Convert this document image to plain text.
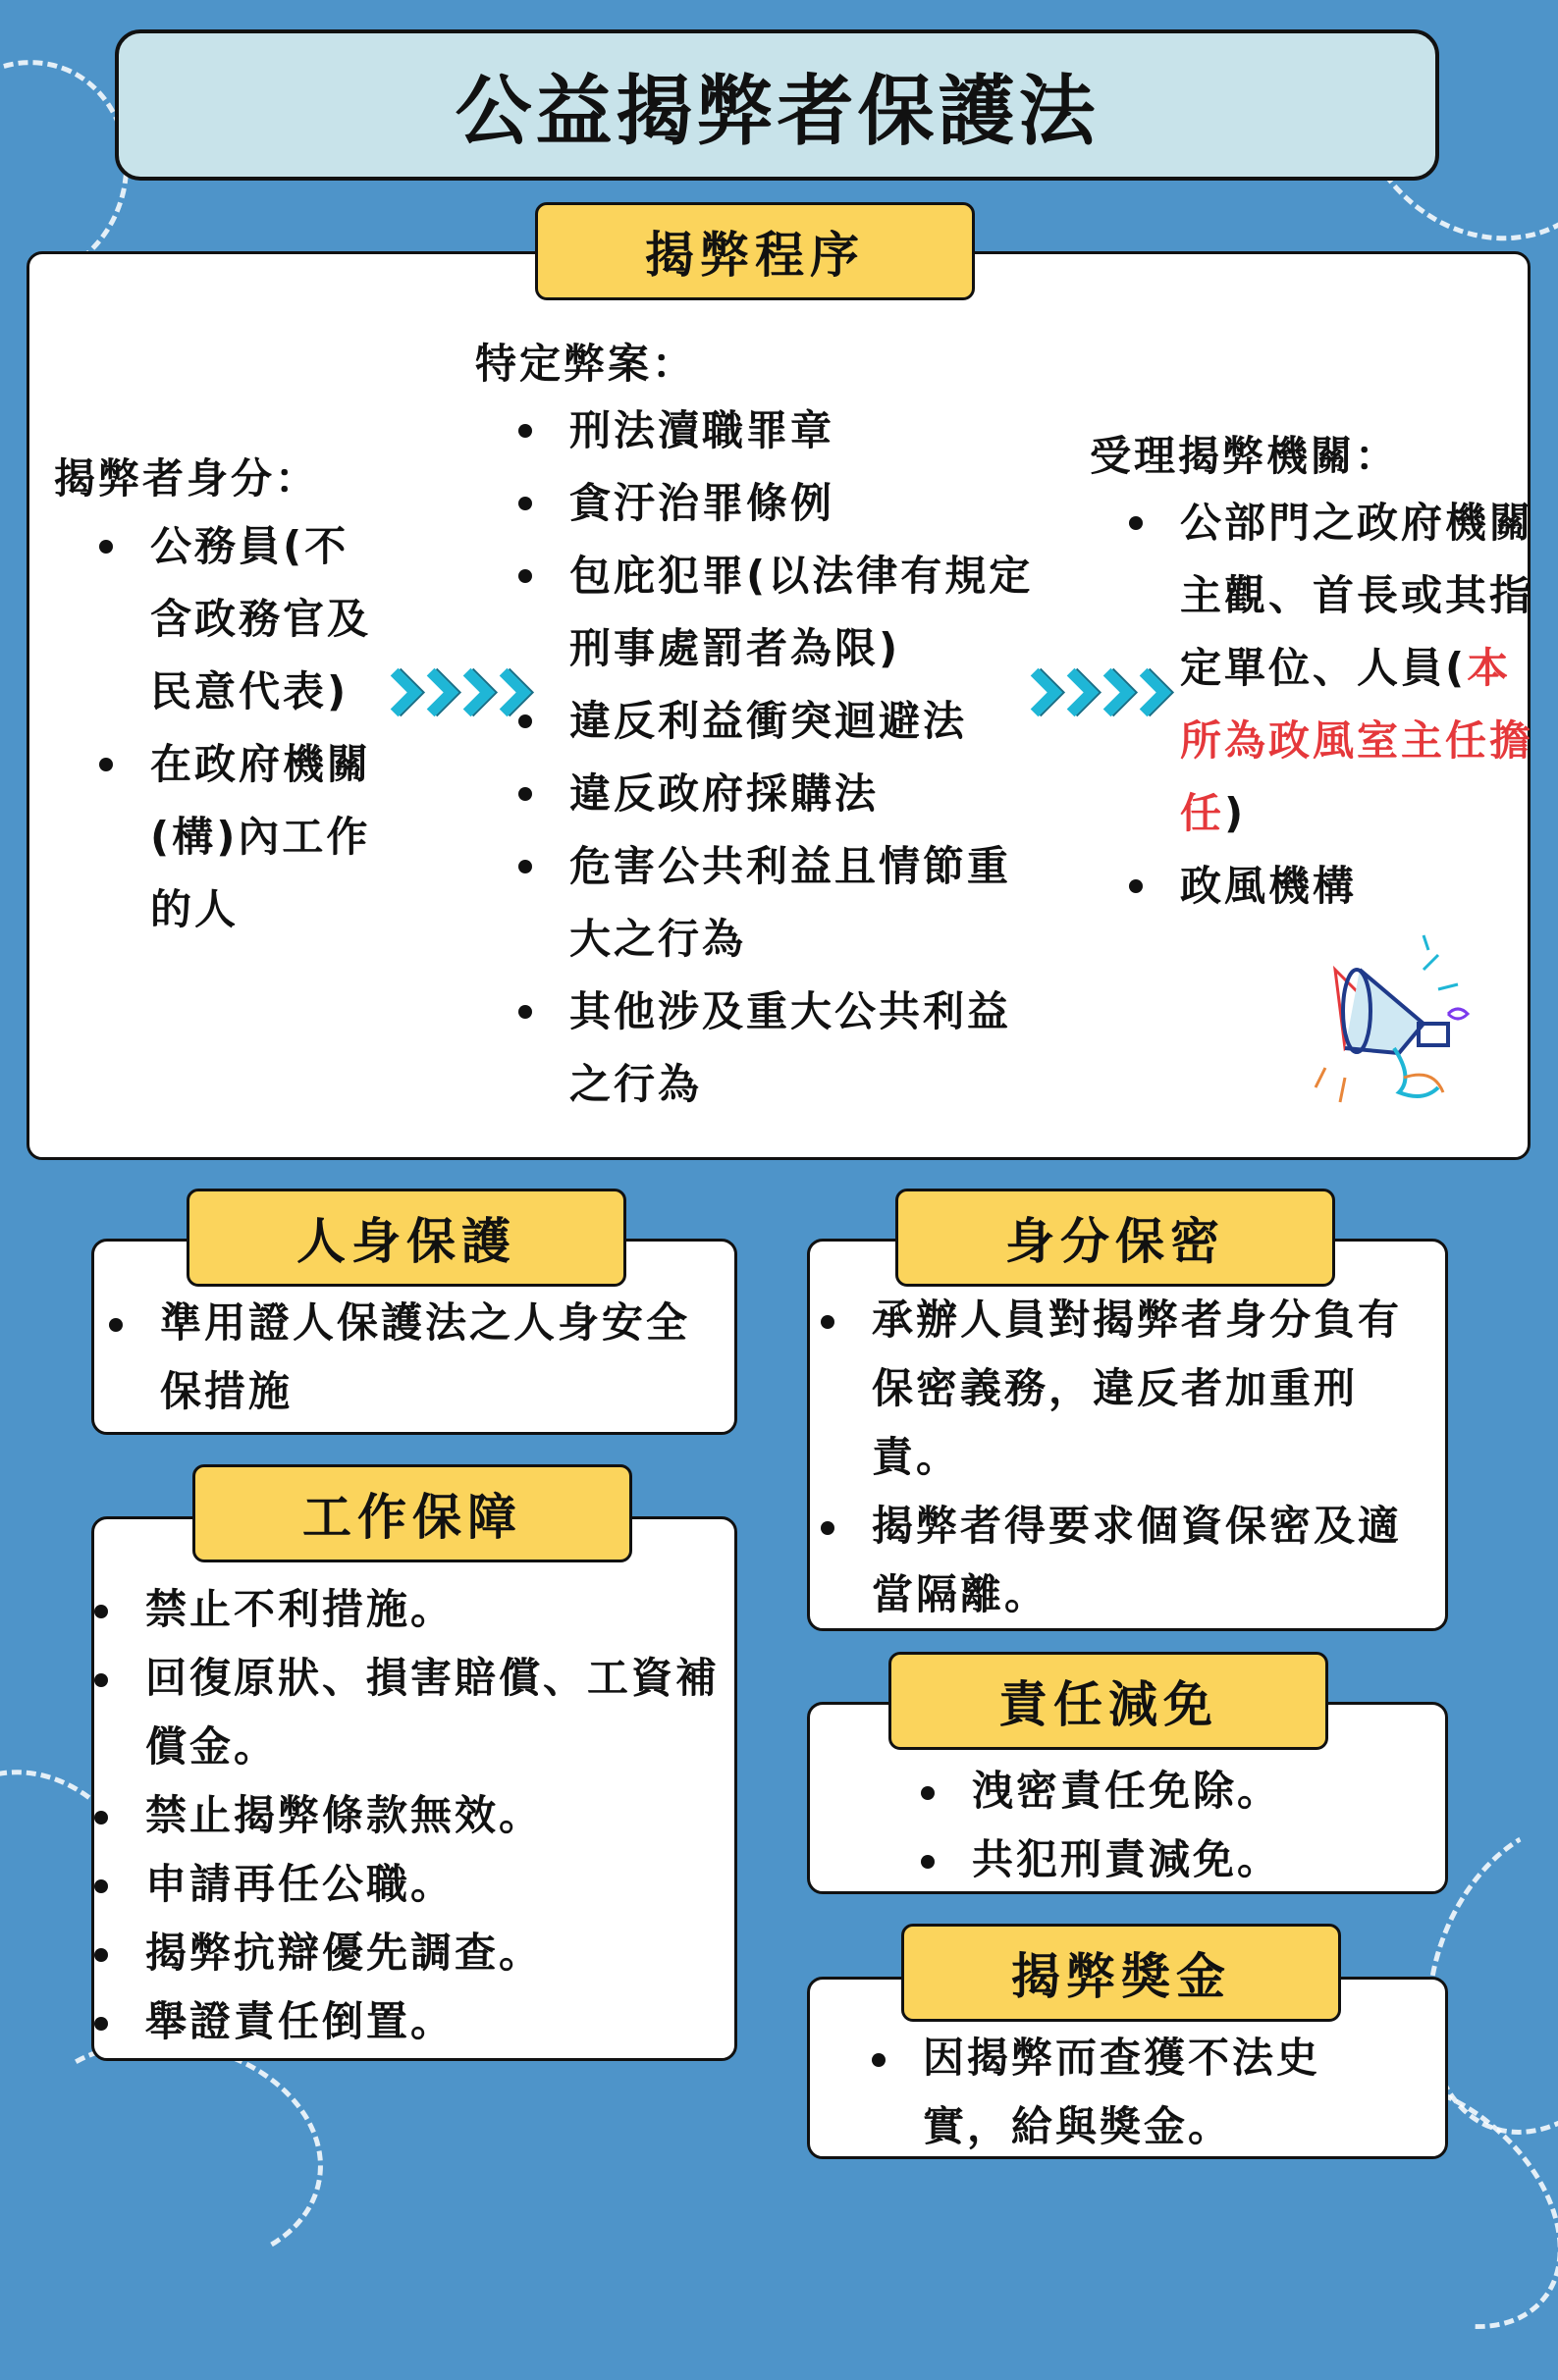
公益揭弊者保護法
揭弊程序
揭弊者身分：
公務員(不含政務官及民意代表)
在政府機關(構)內工作的人
特定弊案：
刑法瀆職罪章
貪汙治罪條例
包庇犯罪(以法律有規定刑事處罰者為限)
違反利益衝突迴避法
違反政府採購法
危害公共利益且情節重大之行為
其他涉及重大公共利益之行為
受理揭弊機關：
公部門之政府機關主觀、首長或其指定單位、人員(本所為政風室主任擔任)
政風機構
人身保護
準用證人保護法之人身安全保措施
工作保障
禁止不利措施。
回復原狀、損害賠償、工資補償金。
禁止揭弊條款無效。
申請再任公職。
揭弊抗辯優先調查。
舉證責任倒置。
身分保密
承辦人員對揭弊者身分負有保密義務，違反者加重刑責。
揭弊者得要求個資保密及適當隔離。
責任減免
洩密責任免除。
共犯刑責減免。
揭弊獎金
因揭弊而查獲不法史實，給與獎金。
